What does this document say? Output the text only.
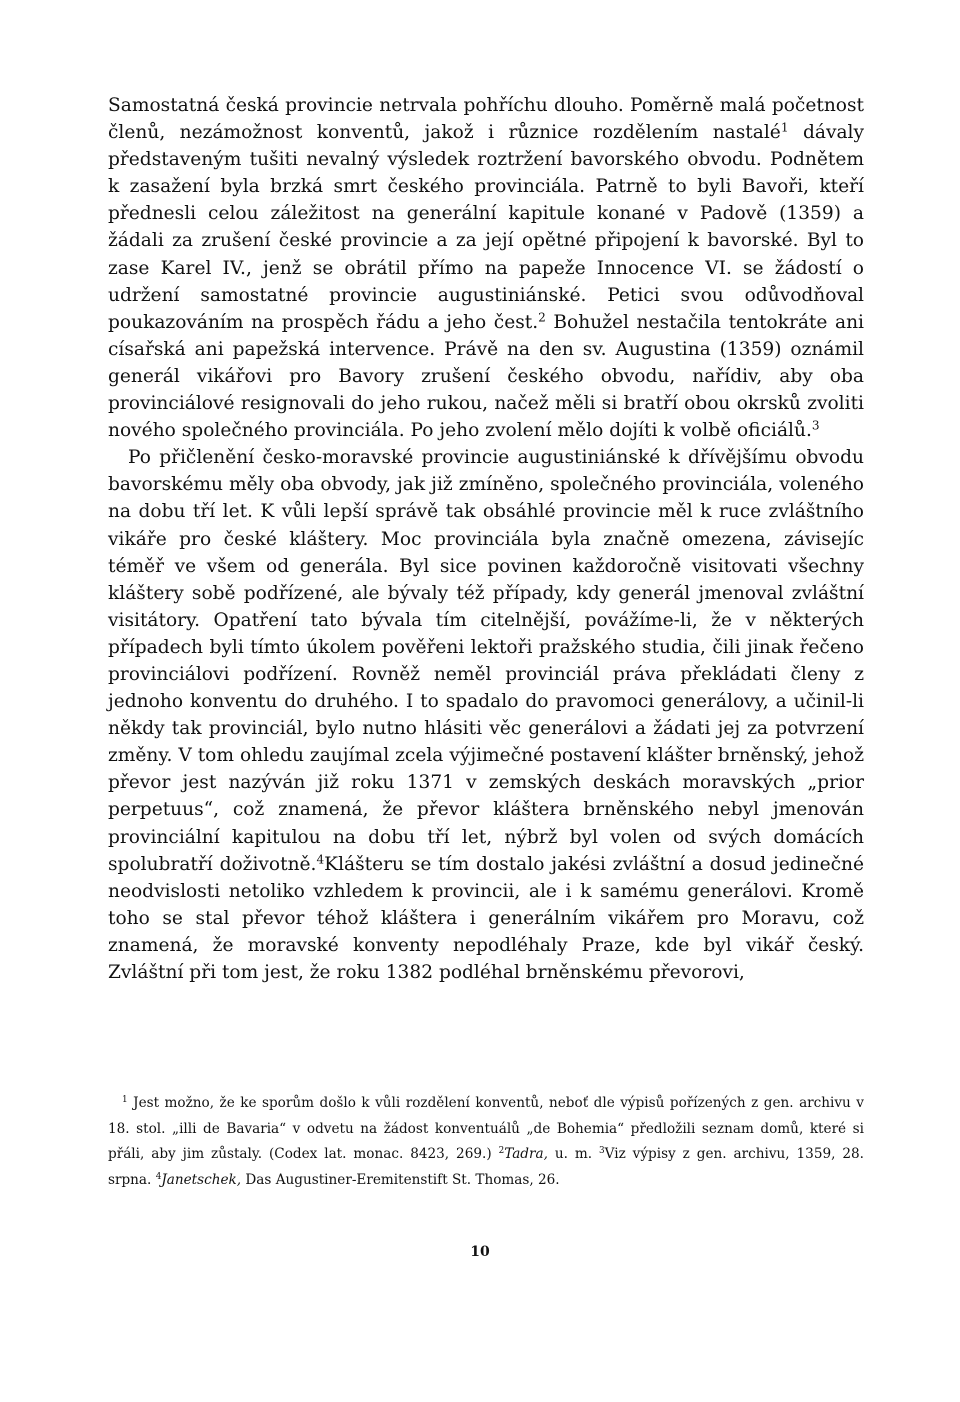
Samostatná česká provincie netrvala pohříchu dlouho. Poměrně malá početnost členů, nezámožnost konventů, jakož i různice rozdělením nastalé$^1$ dávaly představeným tušiti nevalný výsledek roztržení bavorského obvodu. Podnětem k zasažení byla brzká smrt českého provinciála. Patrně to byli Bavoři, kteří přednesli celou záležitost na generální kapitule konané v Padově (1359) a žádali za zrušení české provincie a za její opětné připojení k bavorské. Byl to zase Karel IV., jenž se obrátil přímo na papeže Innocence VI. se žádostí o udržení samostatné provincie augustiniánské. Petici svou odůvodňoval poukazováním na prospěch řádu a jeho čest.$^2$ Bohužel nestačila tentokráte ani císařská ani papežská intervence. Právě na den sv. Augustina (1359) oznámil generál vikářovi pro Bavory zrušení českého obvodu, nařídiv, aby oba provinciálové resignovali do jeho rukou, načež měli si bratří obou okrsků zvoliti nového společného provinciála. Po jeho zvolení mělo dojíti k volbě oficiálů.$^3$

Po přičlenění česko-moravské provincie augustiniánské k dřívějšímu obvodu bavorskému měly oba obvody, jak již zmíněno, společného provinciála, voleného na dobu tří let. K vůli lepší správě tak obsáhlé provincie měl k ruce zvláštního vikáře pro české kláštery. Moc provinciála byla značně omezena, závisejíc téměř ve všem od generála. Byl sice povinen každoročně visitovati všechny kláštery sobě podřízené, ale bývaly též případy, kdy generál jmenoval zvláštní visitátory. Opatření tato bývala tím citelnější, povážíme-li, že v některých případech byli tímto úkolem pověřeni lektoři pražského studia, čili jinak řečeno provinciálovi podřízení. Rovněž neměl provinciál práva překládati členy z jednoho konventu do druhého. I to spadalo do pravomoci generálovy, a učinil-li někdy tak provinciál, bylo nutno hlásiti věc generálovi a žádati jej za potvrzení změny. V tom ohledu zaujímal zcela výjimečné postavení klášter brněnský, jehož převor jest nazýván již roku 1371 v zemských deskách moravských „prior perpetuus“, což znamená, že převor kláštera brněnského nebyl jmenován provinciální kapitulou na dobu tří let, nýbrž byl volen od svých domácích spolubratří doživotně.$^4$Klášteru se tím dostalo jakési zvláštní a dosud jedinečné neodvislosti netoliko vzhledem k provincii, ale i k samému generálovi. Kromě toho se stal převor téhož kláštera i generálním vikářem pro Moravu, což znamená, že moravské konventy nepodléhaly Praze, kde byl vikář český. Zvláštní při tom jest, že roku 1382 podléhal brněnskému převorovi,

$^1$ Jest možno, že ke sporům došlo k vůli rozdělení konventů, neboť dle výpisů pořízených z gen. archivu v 18. stol. „illi de Bavaria“ v odvetu na žádost konventuálů „de Bohemia“ předložili seznam domů, které si přáli, aby jim zůstaly. (Codex lat. monac. 8423, 269.) $^2$Tadra, u. m. $^3$Viz výpisy z gen. archivu, 1359, 28. srpna. $^4$Janetschek, Das Augustiner-Eremitenstift St. Thomas, 26.

10
